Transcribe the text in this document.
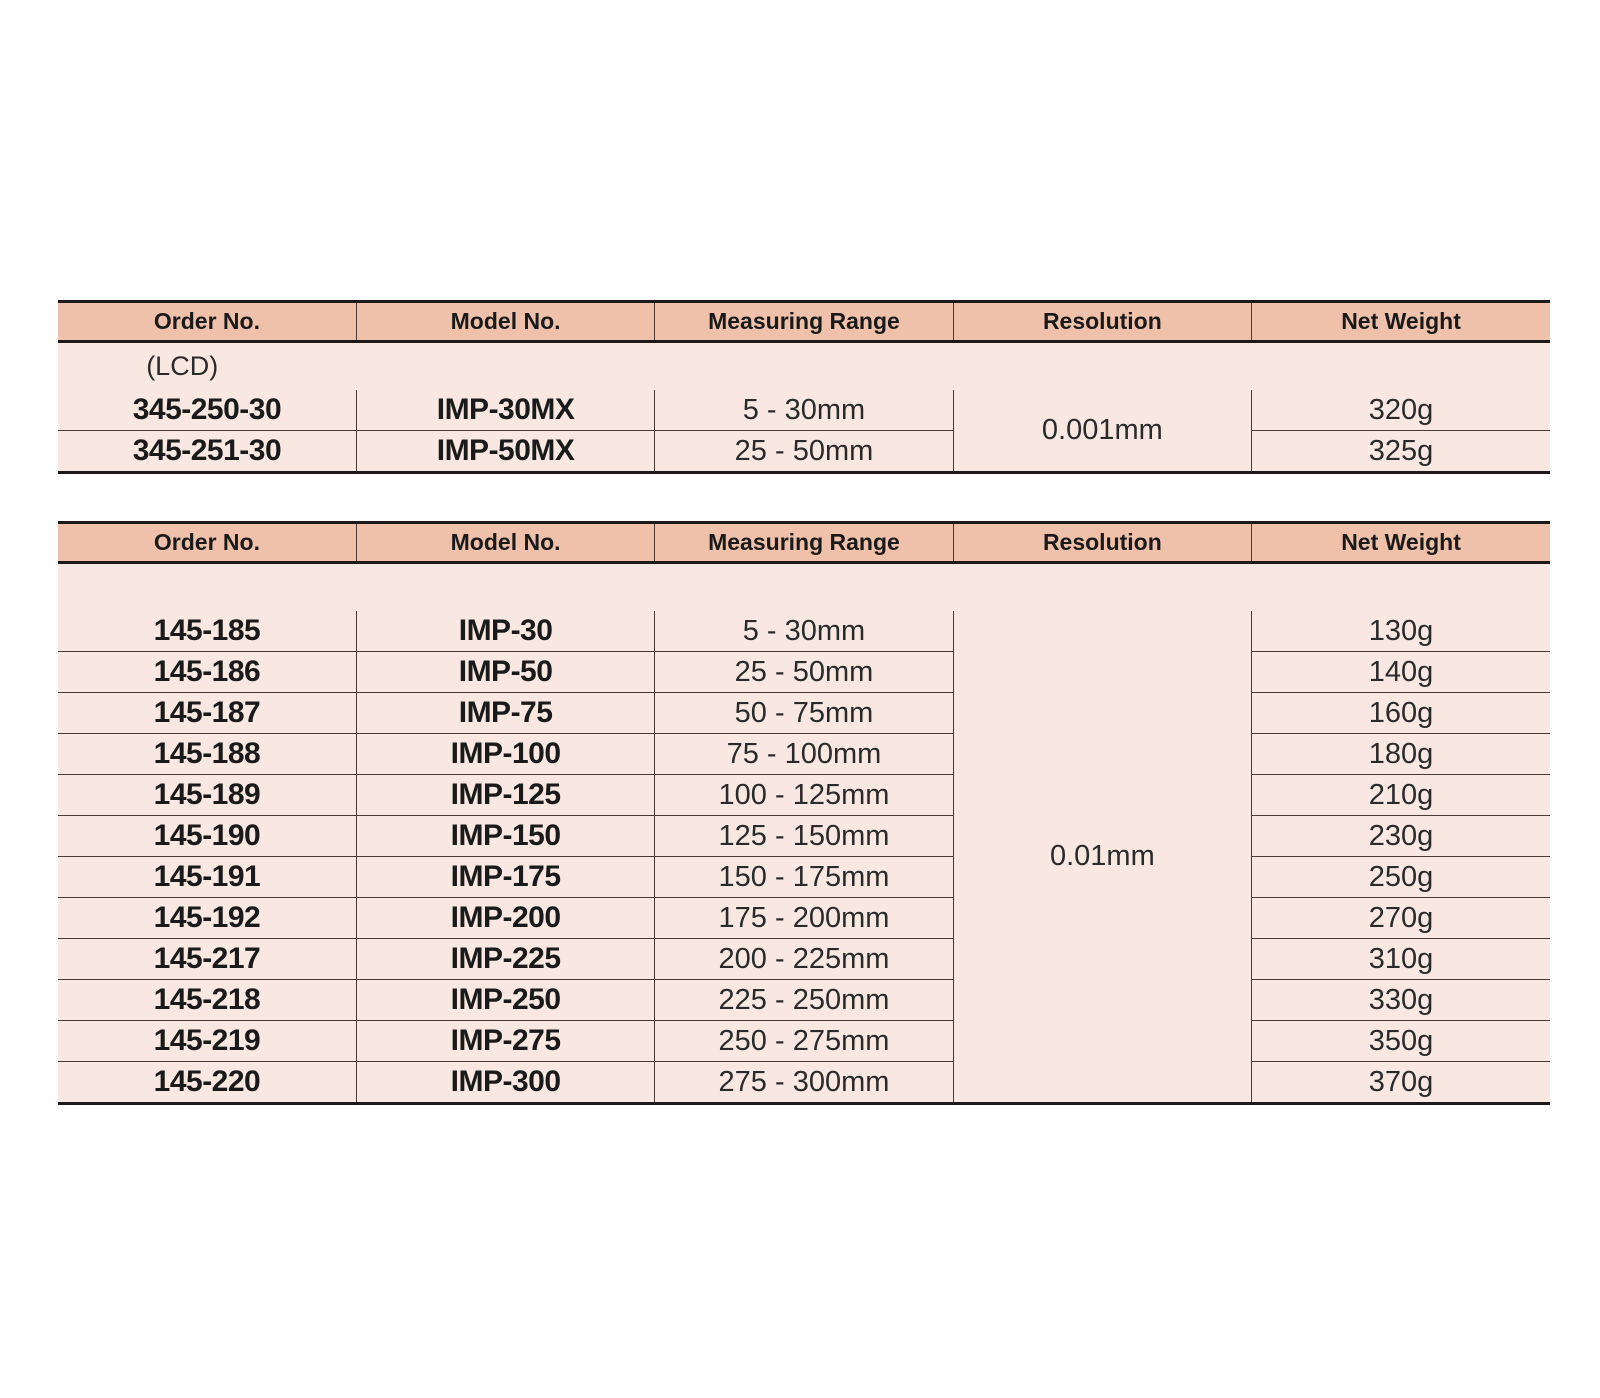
Order No.	Model No.	Measuring Range	Resolution	Net Weight
(LCD)				
345-250-30	IMP-30MX	5 - 30mm	0.001mm	320g
345-251-30	IMP-50MX	25 - 50mm		325g
Order No.	Model No.	Measuring Range	Resolution	Net Weight

145-185	IMP-30	5 - 30mm	0.01mm	130g
145-186	IMP-50	25 - 50mm		140g
145-187	IMP-75	50 - 75mm		160g
145-188	IMP-100	75 - 100mm		180g
145-189	IMP-125	100 - 125mm		210g
145-190	IMP-150	125 - 150mm		230g
145-191	IMP-175	150 - 175mm		250g
145-192	IMP-200	175 - 200mm		270g
145-217	IMP-225	200 - 225mm		310g
145-218	IMP-250	225 - 250mm		330g
145-219	IMP-275	250 - 275mm		350g
145-220	IMP-300	275 - 300mm		370g
